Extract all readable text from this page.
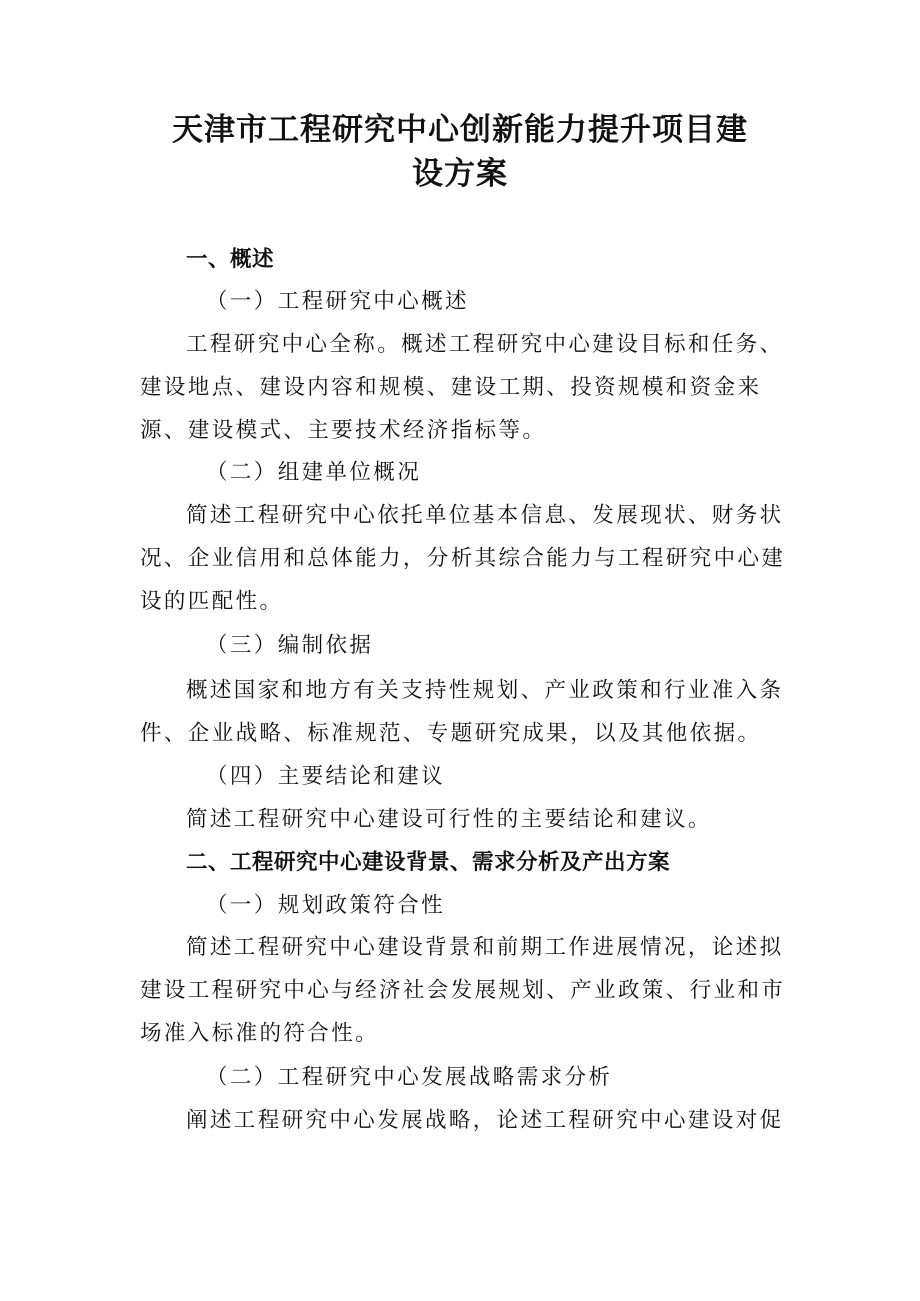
天津市工程研究中心创新能力提升项目建
设方案
一、概述
（一）工程研究中心概述
工程研究中心全称。概述工程研究中心建设目标和任务、
建设地点、建设内容和规模、建设工期、投资规模和资金来
源、建设模式、主要技术经济指标等。
（二）组建单位概况
简述工程研究中心依托单位基本信息、发展现状、财务状
况、企业信用和总体能力，分析其综合能力与工程研究中心建
设的匹配性。
（三）编制依据
概述国家和地方有关支持性规划、产业政策和行业准入条
件、企业战略、标准规范、专题研究成果，以及其他依据。
（四）主要结论和建议
简述工程研究中心建设可行性的主要结论和建议。
二、工程研究中心建设背景、需求分析及产出方案
（一）规划政策符合性
简述工程研究中心建设背景和前期工作进展情况，论述拟
建设工程研究中心与经济社会发展规划、产业政策、行业和市
场准入标准的符合性。
（二）工程研究中心发展战略需求分析
阐述工程研究中心发展战略，论述工程研究中心建设对促
